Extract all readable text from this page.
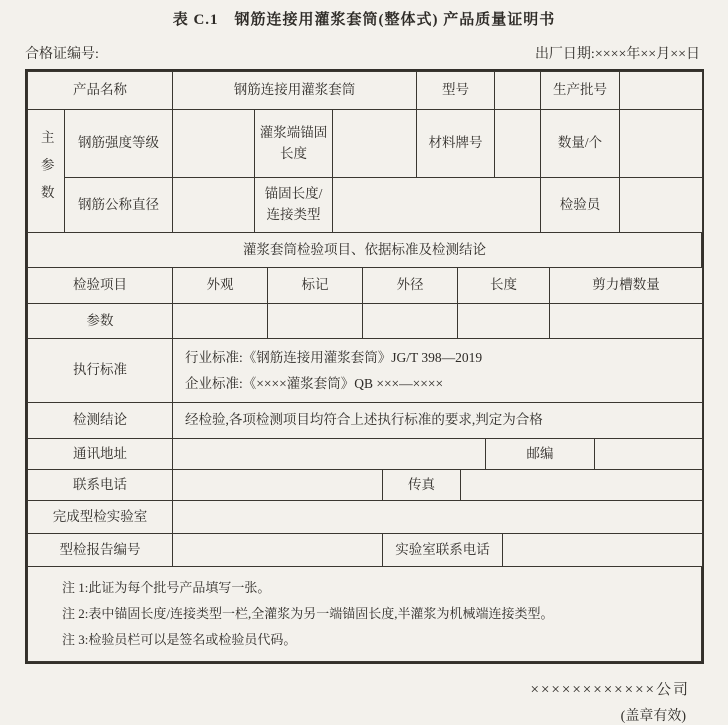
表 C.1　钢筋连接用灌浆套筒(整体式) 产品质量证明书
合格证编号:	出厂日期:××××年××月××日
产品名称		钢筋连接用灌浆套筒			型号		生产批号	

主参数	钢筋强度等级		灌浆端锚固长度		材料牌号		数量/个	
	钢筋公称直径		锚固长度/连接类型				检验员	
灌浆套筒检验项目、依据标准及检测结论
检验项目	外观	标记	外径	长度	剪力槽数量
参数					
执行标准	行业标准:《钢筋连接用灌浆套筒》JG/T 398—2019
企业标准:《××××灌浆套筒》QB ×××—××××

检测结论	经检验,各项检测项目均符合上述执行标准的要求,判定为合格
通讯地址		邮编	
联系电话		传真	
完成型检实验室	
型检报告编号		实验室联系电话	
注 1:此证为每个批号产品填写一张。
注 2:表中锚固长度/连接类型一栏,全灌浆为另一端锚固长度,半灌浆为机械端连接类型。
注 3:检验员栏可以是签名或检验员代码。
××××××××××××公司
(盖章有效)
